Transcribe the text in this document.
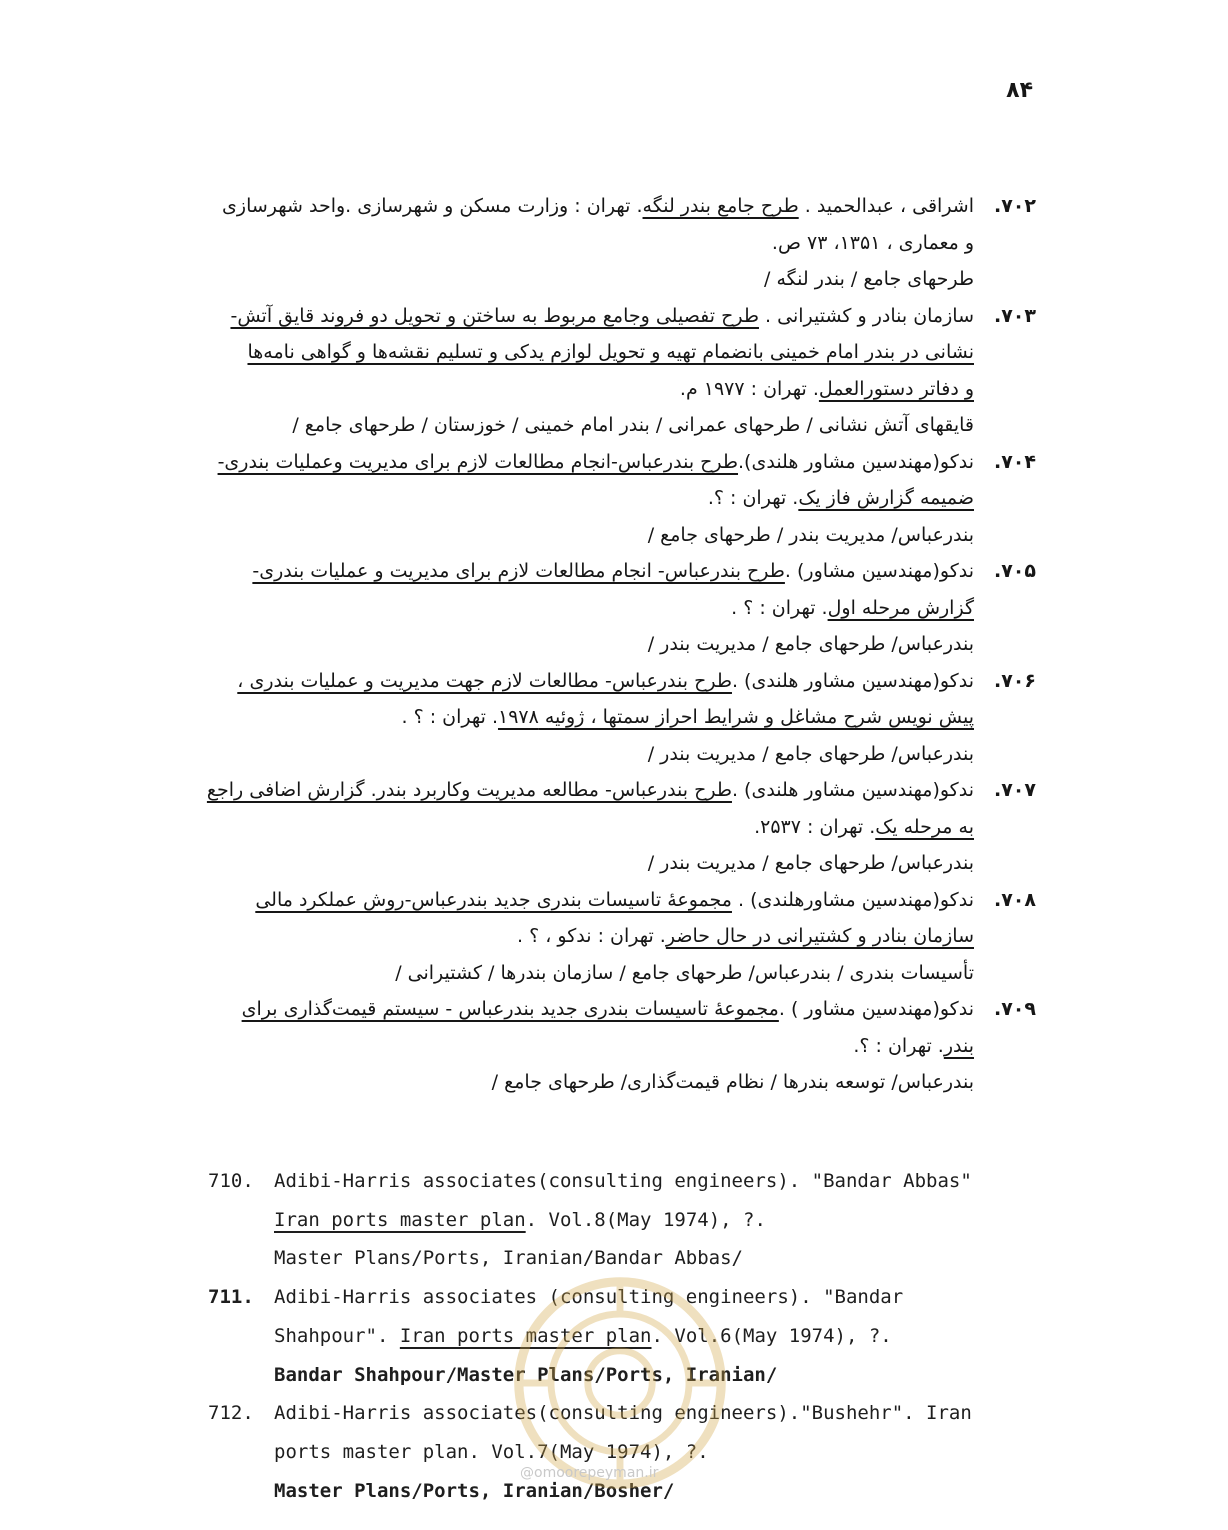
۸۴
۷۰۲.
اشراقی ، عبدالحمید . طرح جامع بندر لنگه. تهران : وزارت مسکن و شهرسازی .واحد شهرسازی
و معماری ، ۱۳۵۱، ۷۳ ص.
طرحهای جامع / بندر لنگه /
۷۰۳.
سازمان بنادر و کشتیرانی . طرح تفصیلی وجامع مربوط به ساختن و تحویل دو فروند قایق آتش-
نشانی در بندر امام خمینی بانضمام تهیه و تحویل لوازم یدکی و تسلیم نقشه‌ها و گواهی نامه‌ها
و دفاتر دستورالعمل. تهران : ۱۹۷۷ م.
قایقهای آتش نشانی / طرحهای عمرانی / بندر امام خمینی / خوزستان / طرحهای جامع /
۷۰۴.
ندکو(مهندسین مشاور هلندی).طرح بندرعباس-انجام مطالعات لازم برای مدیریت وعملیات بندری-
ضمیمه گزارش فاز یک. تهران : ؟.
بندرعباس/ مدیریت بندر / طرحهای جامع /
۷۰۵.
ندکو(مهندسین مشاور) .طرح بندرعباس- انجام مطالعات لازم برای مدیریت و عملیات بندری-
گزارش مرحله اول. تهران : ؟ .
بندرعباس/ طرحهای جامع / مدیریت بندر /
۷۰۶.
ندکو(مهندسین مشاور هلندی) .طرح بندرعباس- مطالعات لازم جهت مدیریت و عملیات بندری ،
پیش نویس شرح مشاغل و شرایط احراز سمتها ، ژوئیه ۱۹۷۸. تهران : ؟ .
بندرعباس/ طرحهای جامع / مدیریت بندر /
۷۰۷.
ندکو(مهندسین مشاور هلندی) .طرح بندرعباس- مطالعه مدیریت وکاربرد بندر. گزارش اضافی راجع
به مرحله یک. تهران : ۲۵۳۷.
بندرعباس/ طرحهای جامع / مدیریت بندر /
۷۰۸.
ندکو(مهندسین مشاورهلندی) . مجموعهٔ تاسیسات بندری جدید بندرعباس-روش عملکرد مالی
سازمان بنادر و کشتیرانی در حال حاضر. تهران : ندکو ، ؟ .
تأسیسات بندری / بندرعباس/ طرحهای جامع / سازمان بندرها / کشتیرانی /
۷۰۹.
ندکو(مهندسین مشاور ) .مجموعهٔ تاسیسات بندری جدید بندرعباس - سیستم قیمت‌گذاری برای
بندر. تهران : ؟.
بندرعباس/ توسعه بندرها / نظام قیمت‌گذاری/ طرحهای جامع /
710. Adibi-Harris associates(consulting engineers). "Bandar Abbas"
Iran ports master plan. Vol.8(May 1974), ?.
Master Plans/Ports, Iranian/Bandar Abbas/
711. Adibi-Harris associates (consulting engineers). "Bandar
Shahpour". Iran ports master plan. Vol.6(May 1974), ?.
Bandar Shahpour/Master Plans/Ports, Iranian/
712. Adibi-Harris associates(consulting engineers)."Bushehr". Iran
ports master plan. Vol.7(May 1974), ?.
Master Plans/Ports, Iranian/Bosher/
@omoorepeyman.ir
